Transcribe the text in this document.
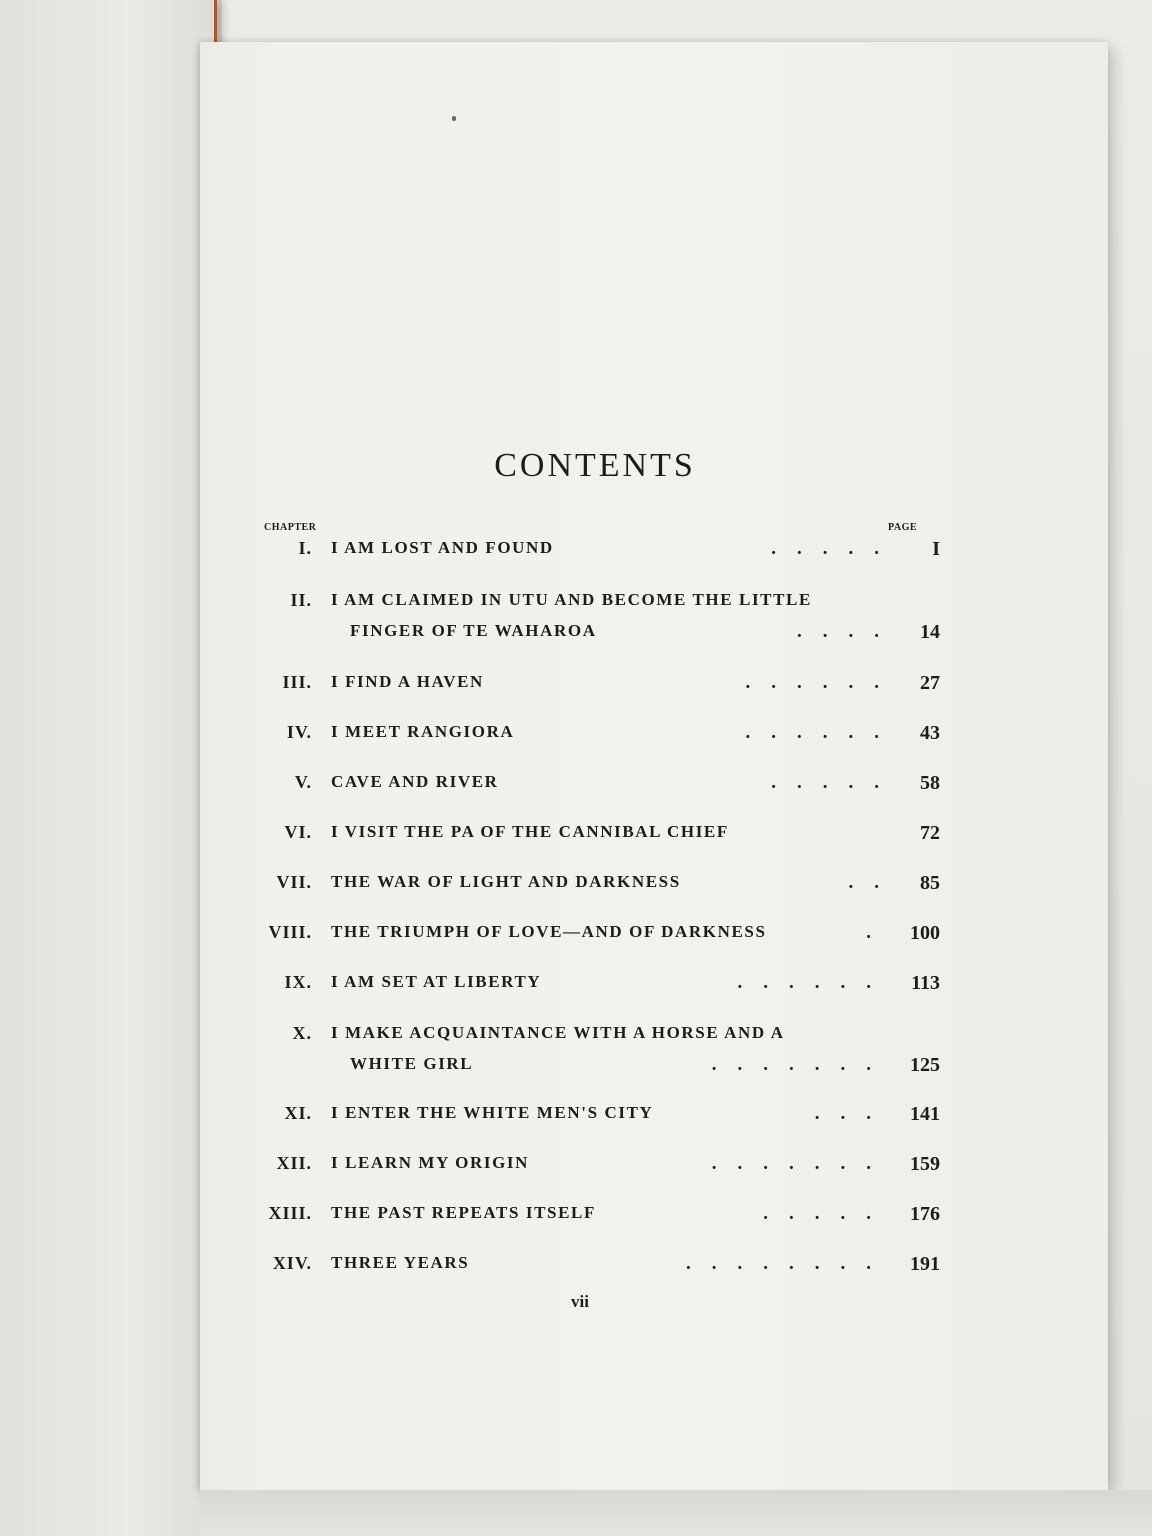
CONTENTS
CHAPTER	PAGE
I. I AM LOST AND FOUND	..... I
II. I AM CLAIMED IN UTU AND BECOME THE LITTLE
FINGER OF TE WAHAROA	.... 14
III. I FIND A HAVEN	...... 27
IV. I MEET RANGIORA	...... 43
V. CAVE AND RIVER	..... 58
VI. I VISIT THE PA OF THE CANNIBAL CHIEF	72
VII. THE WAR OF LIGHT AND DARKNESS	.. 85
VIII. THE TRIUMPH OF LOVE—AND OF DARKNESS	. 100
IX. I AM SET AT LIBERTY	...... 113
X. I MAKE ACQUAINTANCE WITH A HORSE AND A
WHITE GIRL	....... 125
XI. I ENTER THE WHITE MEN'S CITY	... 141
XII. I LEARN MY ORIGIN	....... 159
XIII. THE PAST REPEATS ITSELF	..... 176
XIV. THREE YEARS	........ 191
vii
